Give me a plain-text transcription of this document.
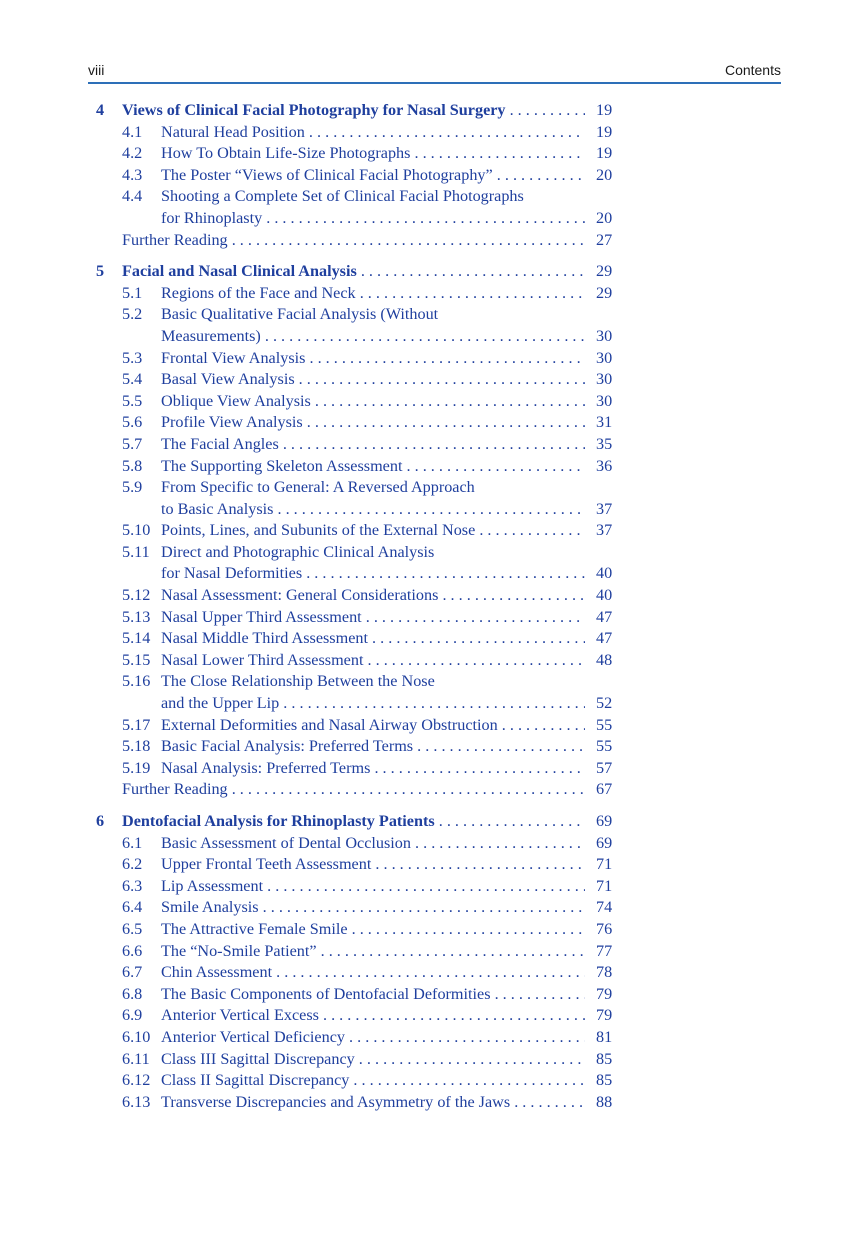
viii	Contents
4 Views of Clinical Facial Photography for Nasal Surgery . . .	19
4.1 Natural Head Position . . .	19
4.2 How To Obtain Life-Size Photographs . . .	19
4.3 The Poster “Views of Clinical Facial Photography” . . .	20
4.4 Shooting a Complete Set of Clinical Facial Photographs
for Rhinoplasty . . .	20
Further Reading . . .	27
5 Facial and Nasal Clinical Analysis . . .	29
5.1 Regions of the Face and Neck . . .	29
5.2 Basic Qualitative Facial Analysis (Without
Measurements) . . .	30
5.3 Frontal View Analysis . . .	30
5.4 Basal View Analysis . . .	30
5.5 Oblique View Analysis . . .	30
5.6 Profile View Analysis . . .	31
5.7 The Facial Angles . . .	35
5.8 The Supporting Skeleton Assessment . . .	36
5.9 From Specific to General: A Reversed Approach
to Basic Analysis . . .	37
5.10 Points, Lines, and Subunits of the External Nose . . .	37
5.11 Direct and Photographic Clinical Analysis
for Nasal Deformities . . .	40
5.12 Nasal Assessment: General Considerations . . .	40
5.13 Nasal Upper Third Assessment . . .	47
5.14 Nasal Middle Third Assessment . . .	47
5.15 Nasal Lower Third Assessment . . .	48
5.16 The Close Relationship Between the Nose
and the Upper Lip . . .	52
5.17 External Deformities and Nasal Airway Obstruction . . .	55
5.18 Basic Facial Analysis: Preferred Terms . . .	55
5.19 Nasal Analysis: Preferred Terms . . .	57
Further Reading . . .	67
6 Dentofacial Analysis for Rhinoplasty Patients . . .	69
6.1 Basic Assessment of Dental Occlusion . . .	69
6.2 Upper Frontal Teeth Assessment . . .	71
6.3 Lip Assessment . . .	71
6.4 Smile Analysis . . .	74
6.5 The Attractive Female Smile . . .	76
6.6 The “No-Smile Patient” . . .	77
6.7 Chin Assessment . . .	78
6.8 The Basic Components of Dentofacial Deformities . . .	79
6.9 Anterior Vertical Excess . . .	79
6.10 Anterior Vertical Deficiency . . .	81
6.11 Class III Sagittal Discrepancy . . .	85
6.12 Class II Sagittal Discrepancy . . .	85
6.13 Transverse Discrepancies and Asymmetry of the Jaws . . .	88
